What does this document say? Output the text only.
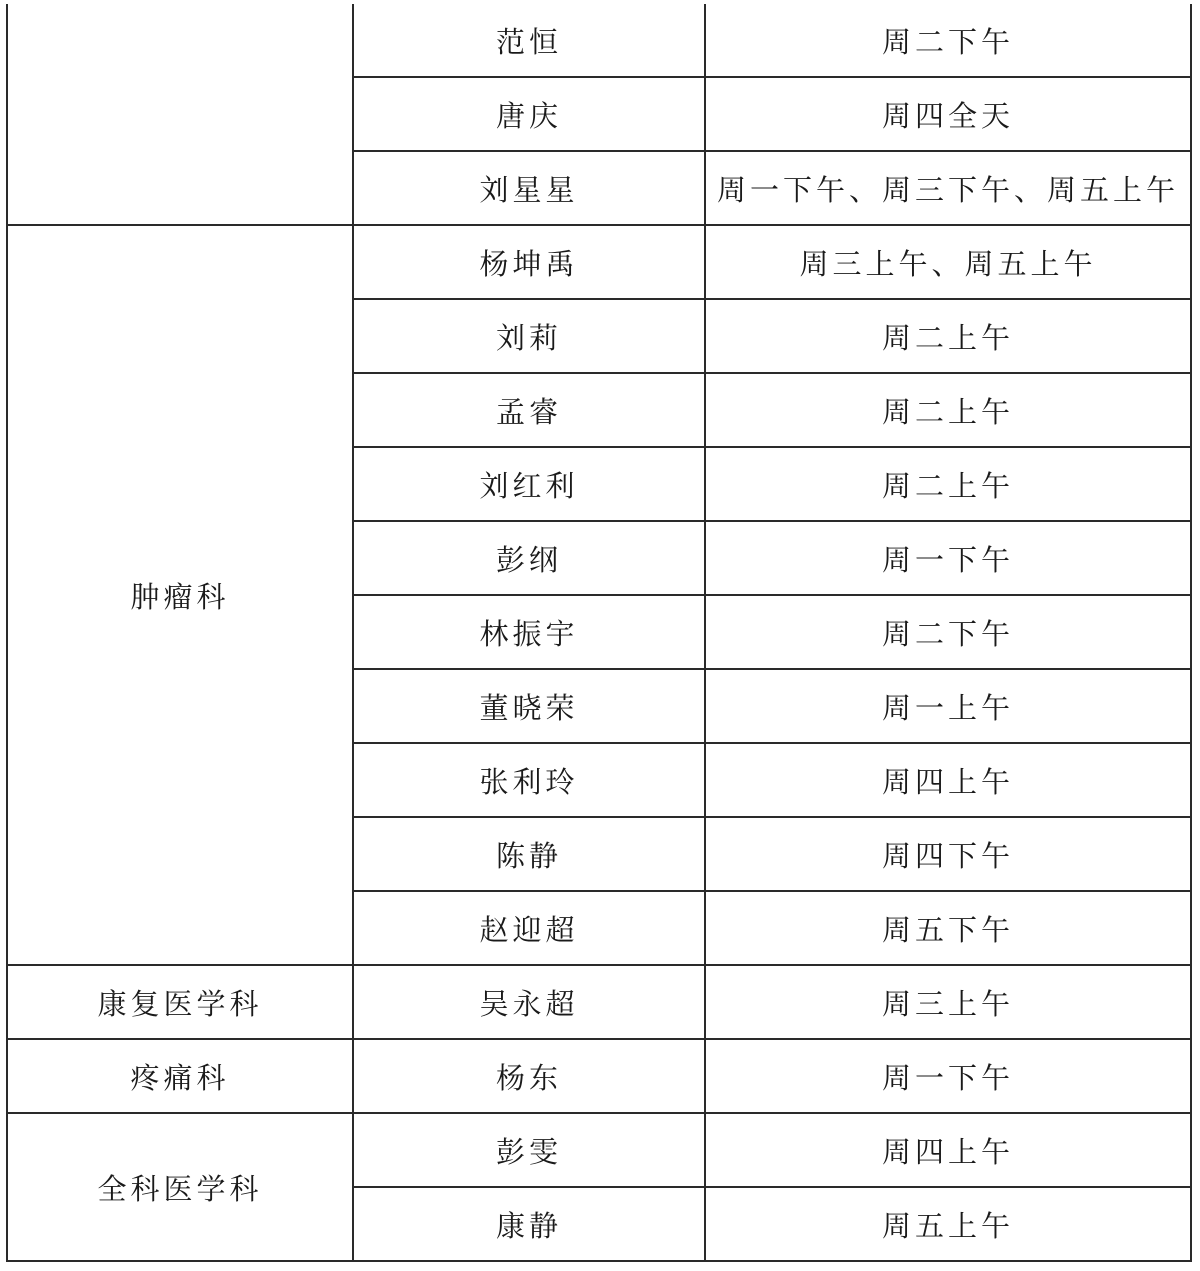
	范恒	周二下午
	唐庆	周四全天
	刘星星	周一下午、周三下午、周五上午
肿瘤科	杨坤禹	周三上午、周五上午
	刘莉	周二上午
	孟睿	周二上午
	刘红利	周二上午
	彭纲	周一下午
	林振宇	周二下午
	董晓荣	周一上午
	张利玲	周四上午
	陈静	周四下午
	赵迎超	周五下午
康复医学科	吴永超	周三上午
疼痛科	杨东	周一下午
全科医学科	彭雯	周四上午
	康静	周五上午
